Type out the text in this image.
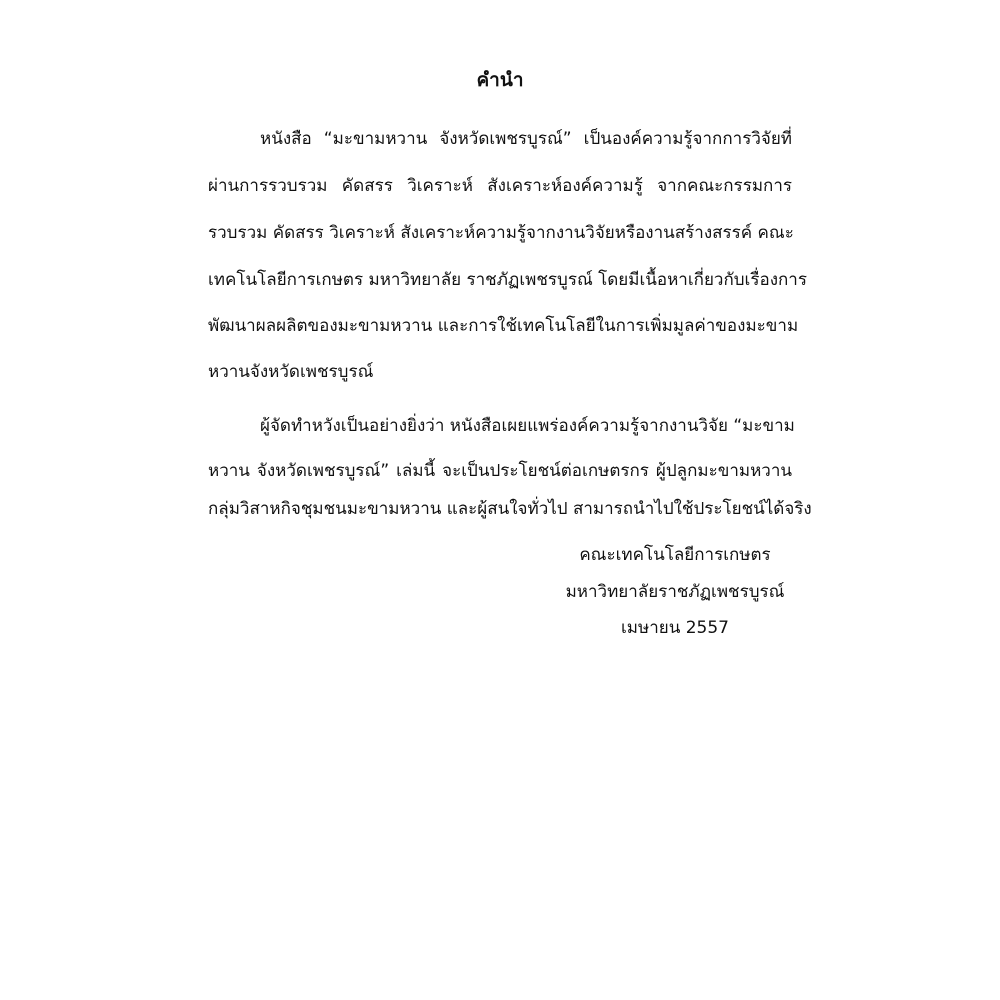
คำนำ
หนังสือ “มะขามหวาน จังหวัดเพชรบูรณ์” เป็นองค์ความรู้จากการวิจัยที่
ผ่านการรวบรวม คัดสรร วิเคราะห์ สังเคราะห์องค์ความรู้ จากคณะกรรมการ
รวบรวม คัดสรร วิเคราะห์ สังเคราะห์ความรู้จากงานวิจัยหรืองานสร้างสรรค์ คณะ
เทคโนโลยีการเกษตร มหาวิทยาลัย ราชภัฏเพชรบูรณ์ โดยมีเนื้อหาเกี่ยวกับเรื่องการ
พัฒนาผลผลิตของมะขามหวาน และการใช้เทคโนโลยีในการเพิ่มมูลค่าของมะขาม
หวานจังหวัดเพชรบูรณ์
ผู้จัดทำหวังเป็นอย่างยิ่งว่า หนังสือเผยแพร่องค์ความรู้จากงานวิจัย “มะขาม
หวาน จังหวัดเพชรบูรณ์” เล่มนี้ จะเป็นประโยชน์ต่อเกษตรกร ผู้ปลูกมะขามหวาน
กลุ่มวิสาหกิจชุมชนมะขามหวาน และผู้สนใจทั่วไป สามารถนำไปใช้ประโยชน์ได้จริง
คณะเทคโนโลยีการเกษตร
มหาวิทยาลัยราชภัฏเพชรบูรณ์
เมษายน 2557
